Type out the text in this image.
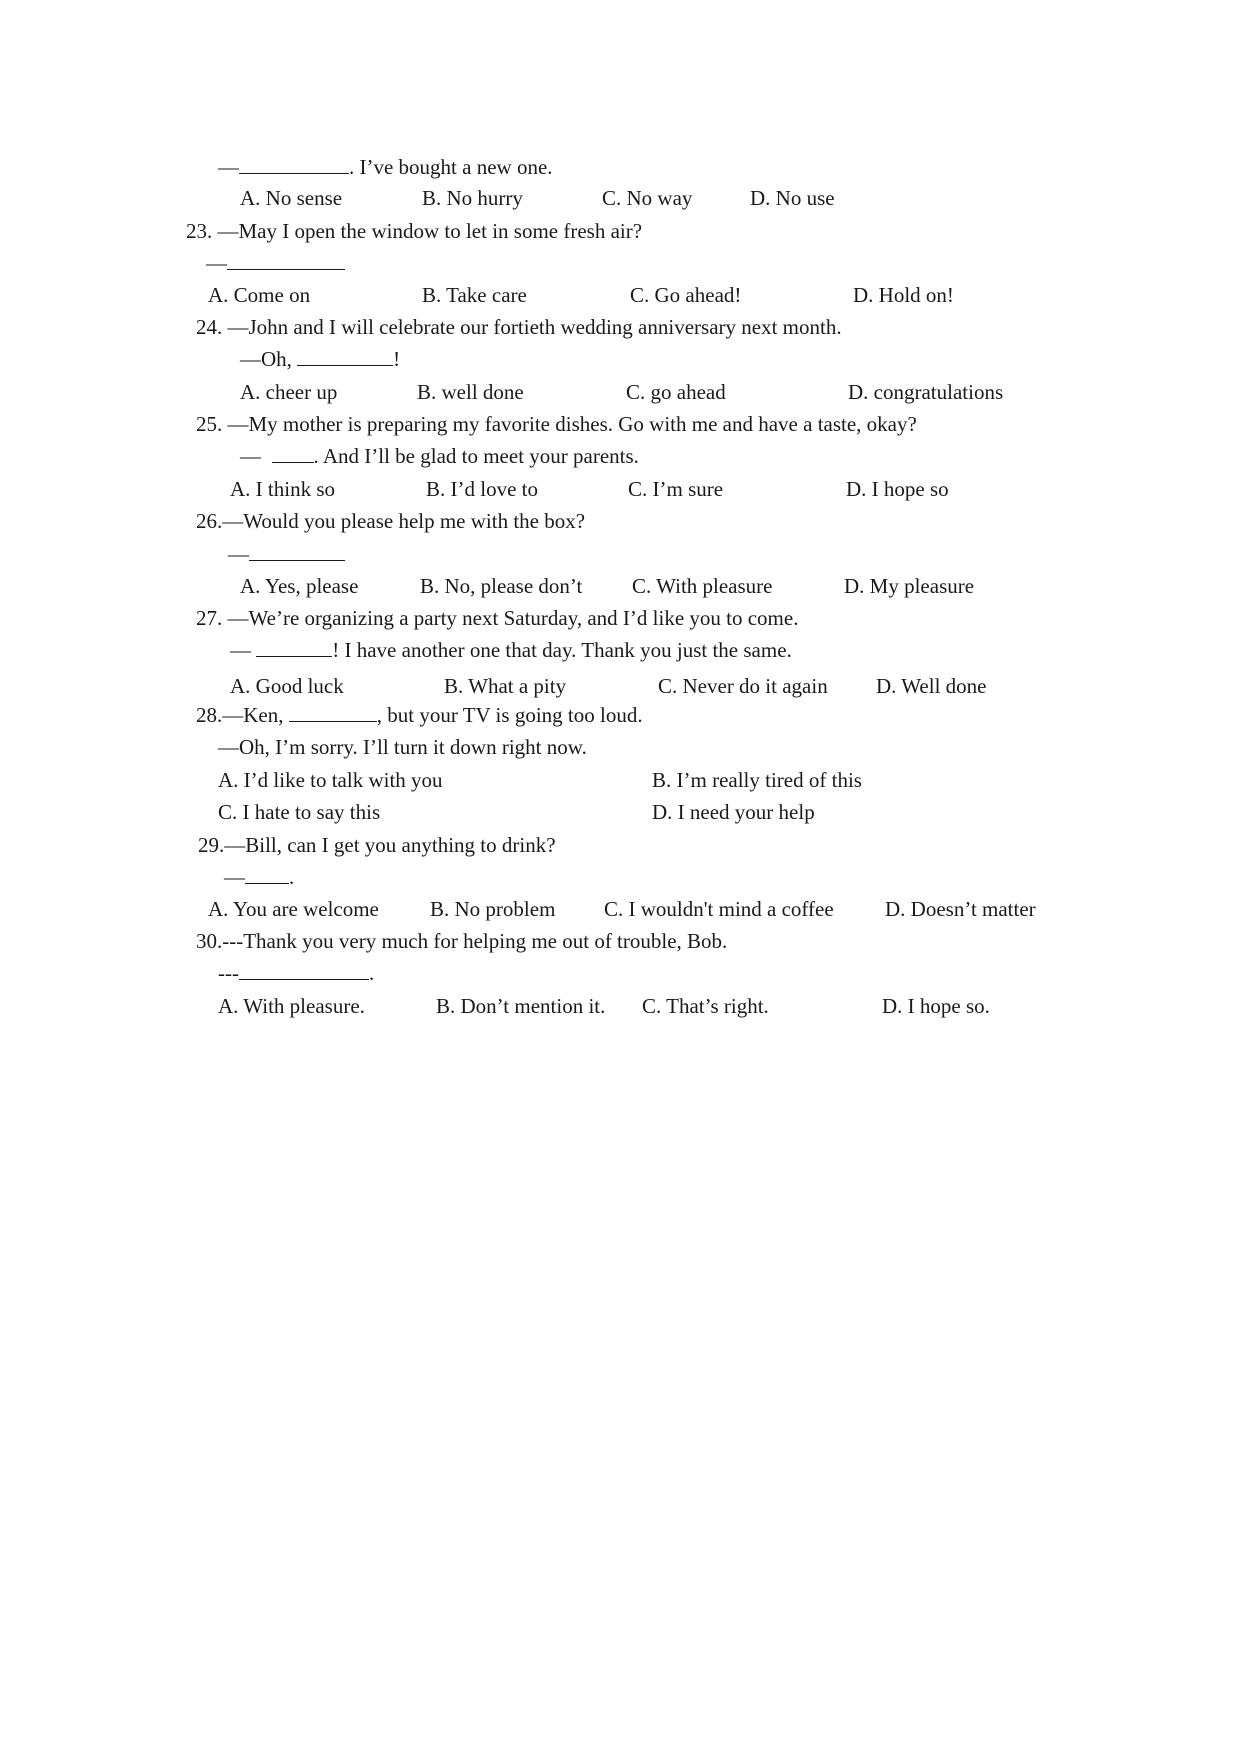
—	. I’ve bought a new one.
A. No sense	B. No hurry	C. No way	D. No use
23. —May I open the window to let in some fresh air?
—
A. Come on	B. Take care	C. Go ahead!	D. Hold on!
24. —John and I will celebrate our fortieth wedding anniversary next month.
—Oh,	!
A. cheer up	B. well done	C. go ahead	D. congratulations
25. —My mother is preparing my favorite dishes. Go with me and have a taste, okay?
—  . And I’ll be glad to meet your parents.
A. I think so	B. I’d love to	C. I’m sure	D. I hope so
26.—Would you please help me with the box?
—
A. Yes, please	B. No, please don’t C. With pleasure	D. My pleasure
27. —We’re organizing a party next Saturday, and I’d like you to come.
—	! I have another one that day. Thank you just the same.
A. Good luck	B. What a pity	C. Never do it again D. Well done
28.—Ken,	, but your TV is going too loud.
—Oh, I’m sorry. I’ll turn it down right now.
A. I’d like to talk with you	B. I’m really tired of this
C. I hate to say this	D. I need your help
29.—Bill, can I get you anything to drink?
— .
A. You are welcome B. No problem C. I wouldn't mind a coffee D. Doesn’t matter
30.---Thank you very much for helping me out of trouble, Bob.
---	.
A. With pleasure.	B. Don’t mention it. C. That’s right.	D. I hope so.
